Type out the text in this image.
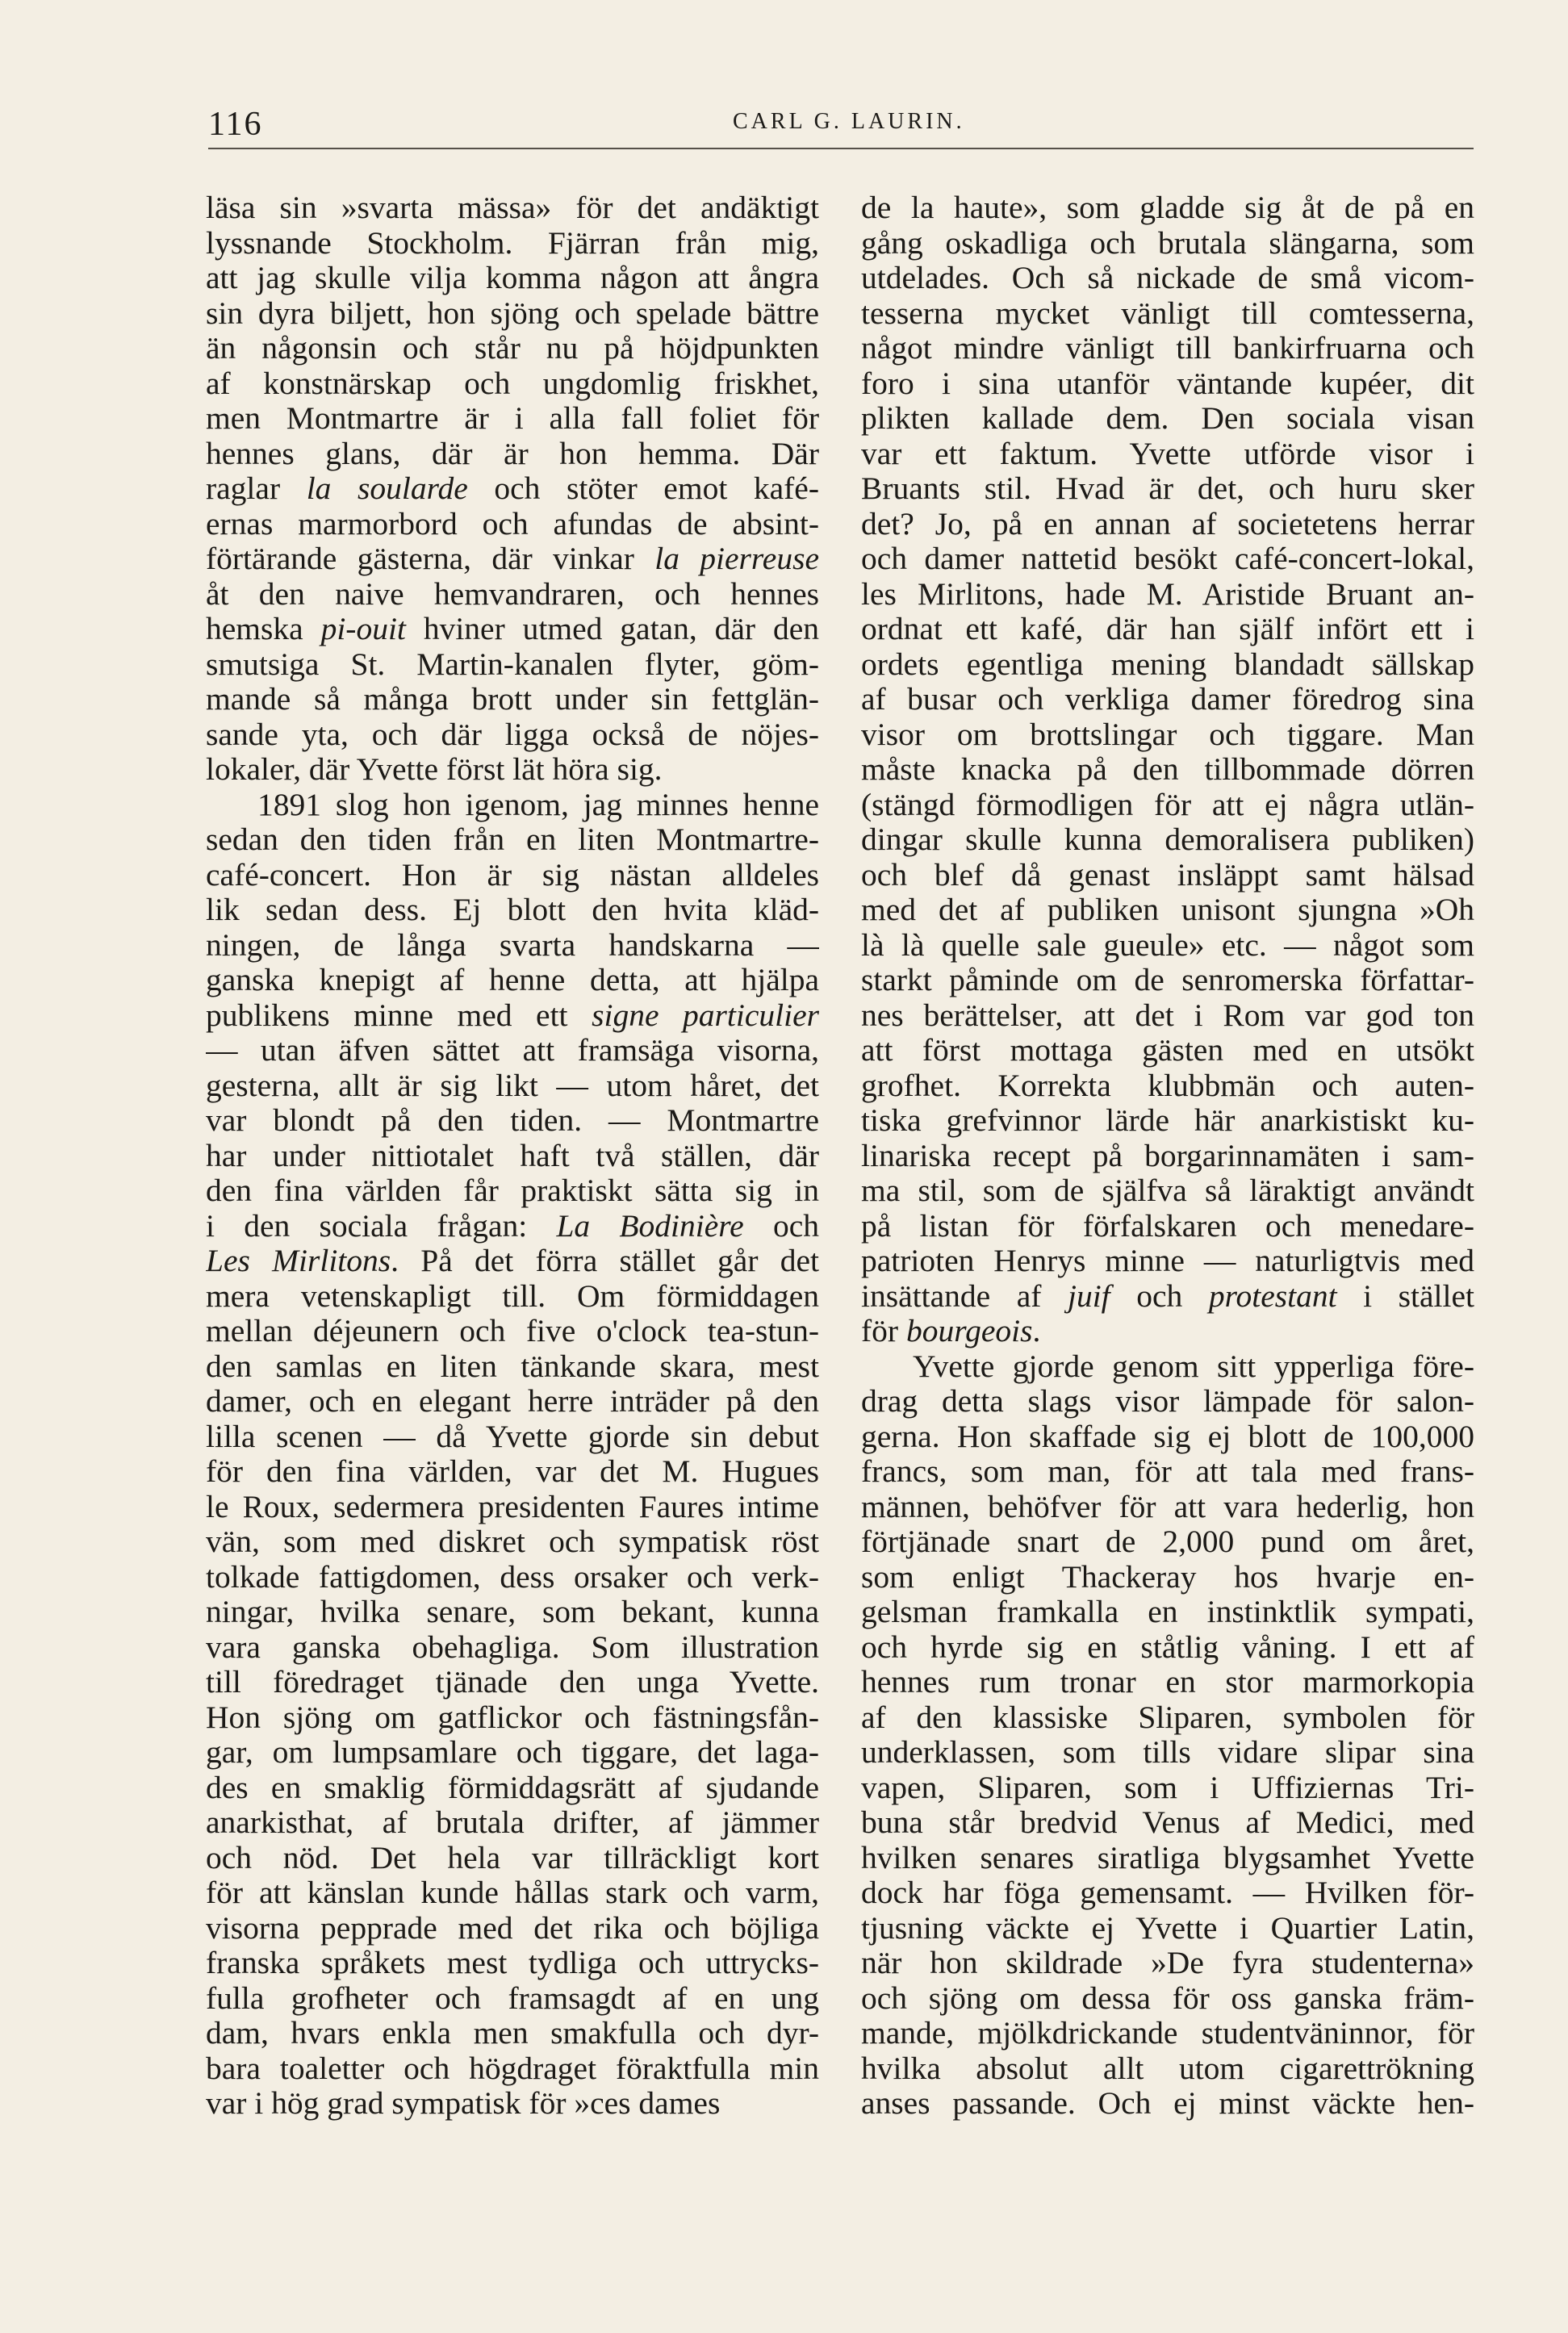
116	CARL G. LAURIN.
läsa sin »svarta mässa» för det andäktigt
lyssnande Stockholm. Fjärran från mig,
att jag skulle vilja komma någon att ångra
sin dyra biljett, hon sjöng och spelade bättre
än någonsin och står nu på höjdpunkten
af konstnärskap och ungdomlig friskhet,
men Montmartre är i alla fall foliet för
hennes glans, där är hon hemma. Där
raglar la soularde och stöter emot kafé-
ernas marmorbord och afundas de absint-
förtärande gästerna, där vinkar la pierreuse
åt den naive hemvandraren, och hennes
hemska pi-ouit hviner utmed gatan, där den
smutsiga St. Martin-kanalen flyter, göm-
mande så många brott under sin fettglän-
sande yta, och där ligga också de nöjes-
lokaler, där Yvette först lät höra sig.
1891 slog hon igenom, jag minnes henne
sedan den tiden från en liten Montmartre-
café-concert. Hon är sig nästan alldeles
lik sedan dess. Ej blott den hvita kläd-
ningen, de långa svarta handskarna —
ganska knepigt af henne detta, att hjälpa
publikens minne med ett signe particulier
— utan äfven sättet att framsäga visorna,
gesterna, allt är sig likt — utom håret, det
var blondt på den tiden. — Montmartre
har under nittiotalet haft två ställen, där
den fina världen får praktiskt sätta sig in
i den sociala frågan: La Bodinière och
Les Mirlitons. På det förra stället går det
mera vetenskapligt till. Om förmiddagen
mellan déjeunern och five o'clock tea-stun-
den samlas en liten tänkande skara, mest
damer, och en elegant herre inträder på den
lilla scenen — då Yvette gjorde sin debut
för den fina världen, var det M. Hugues
le Roux, sedermera presidenten Faures intime
vän, som med diskret och sympatisk röst
tolkade fattigdomen, dess orsaker och verk-
ningar, hvilka senare, som bekant, kunna
vara ganska obehagliga. Som illustration
till föredraget tjänade den unga Yvette.
Hon sjöng om gatflickor och fästningsfån-
gar, om lumpsamlare och tiggare, det laga-
des en smaklig förmiddagsrätt af sjudande
anarkisthat, af brutala drifter, af jämmer
och nöd. Det hela var tillräckligt kort
för att känslan kunde hållas stark och varm,
visorna pepprade med det rika och böjliga
franska språkets mest tydliga och uttrycks-
fulla grofheter och framsagdt af en ung
dam, hvars enkla men smakfulla och dyr-
bara toaletter och högdraget föraktfulla min
var i hög grad sympatisk för »ces dames
de la haute», som gladde sig åt de på en
gång oskadliga och brutala slängarna, som
utdelades. Och så nickade de små vicom-
tesserna mycket vänligt till comtesserna,
något mindre vänligt till bankirfruarna och
foro i sina utanför väntande kupéer, dit
plikten kallade dem. Den sociala visan
var ett faktum. Yvette utförde visor i
Bruants stil. Hvad är det, och huru sker
det? Jo, på en annan af societetens herrar
och damer nattetid besökt café-concert-lokal,
les Mirlitons, hade M. Aristide Bruant an-
ordnat ett kafé, där han själf infört ett i
ordets egentliga mening blandadt sällskap
af busar och verkliga damer föredrog sina
visor om brottslingar och tiggare. Man
måste knacka på den tillbommade dörren
(stängd förmodligen för att ej några utlän-
dingar skulle kunna demoralisera publiken)
och blef då genast insläppt samt hälsad
med det af publiken unisont sjungna »Oh
là là quelle sale gueule» etc. — något som
starkt påminde om de senromerska författar-
nes berättelser, att det i Rom var god ton
att först mottaga gästen med en utsökt
grofhet. Korrekta klubbmän och auten-
tiska grefvinnor lärde här anarkistiskt ku-
linariska recept på borgarinnamäten i sam-
ma stil, som de själfva så läraktigt användt
på listan för förfalskaren och menedare-
patrioten Henrys minne — naturligtvis med
insättande af juif och protestant i stället
för bourgeois.
Yvette gjorde genom sitt ypperliga före-
drag detta slags visor lämpade för salon-
gerna. Hon skaffade sig ej blott de 100,000
francs, som man, för att tala med frans-
männen, behöfver för att vara hederlig, hon
förtjänade snart de 2,000 pund om året,
som enligt Thackeray hos hvarje en-
gelsman framkalla en instinktlik sympati,
och hyrde sig en ståtlig våning. I ett af
hennes rum tronar en stor marmorkopia
af den klassiske Sliparen, symbolen för
underklassen, som tills vidare slipar sina
vapen, Sliparen, som i Uffiziernas Tri-
buna står bredvid Venus af Medici, med
hvilken senares siratliga blygsamhet Yvette
dock har föga gemensamt. — Hvilken för-
tjusning väckte ej Yvette i Quartier Latin,
när hon skildrade »De fyra studenterna»
och sjöng om dessa för oss ganska främ-
mande, mjölkdrickande studentväninnor, för
hvilka absolut allt utom cigarettrökning
anses passande. Och ej minst väckte hen-
